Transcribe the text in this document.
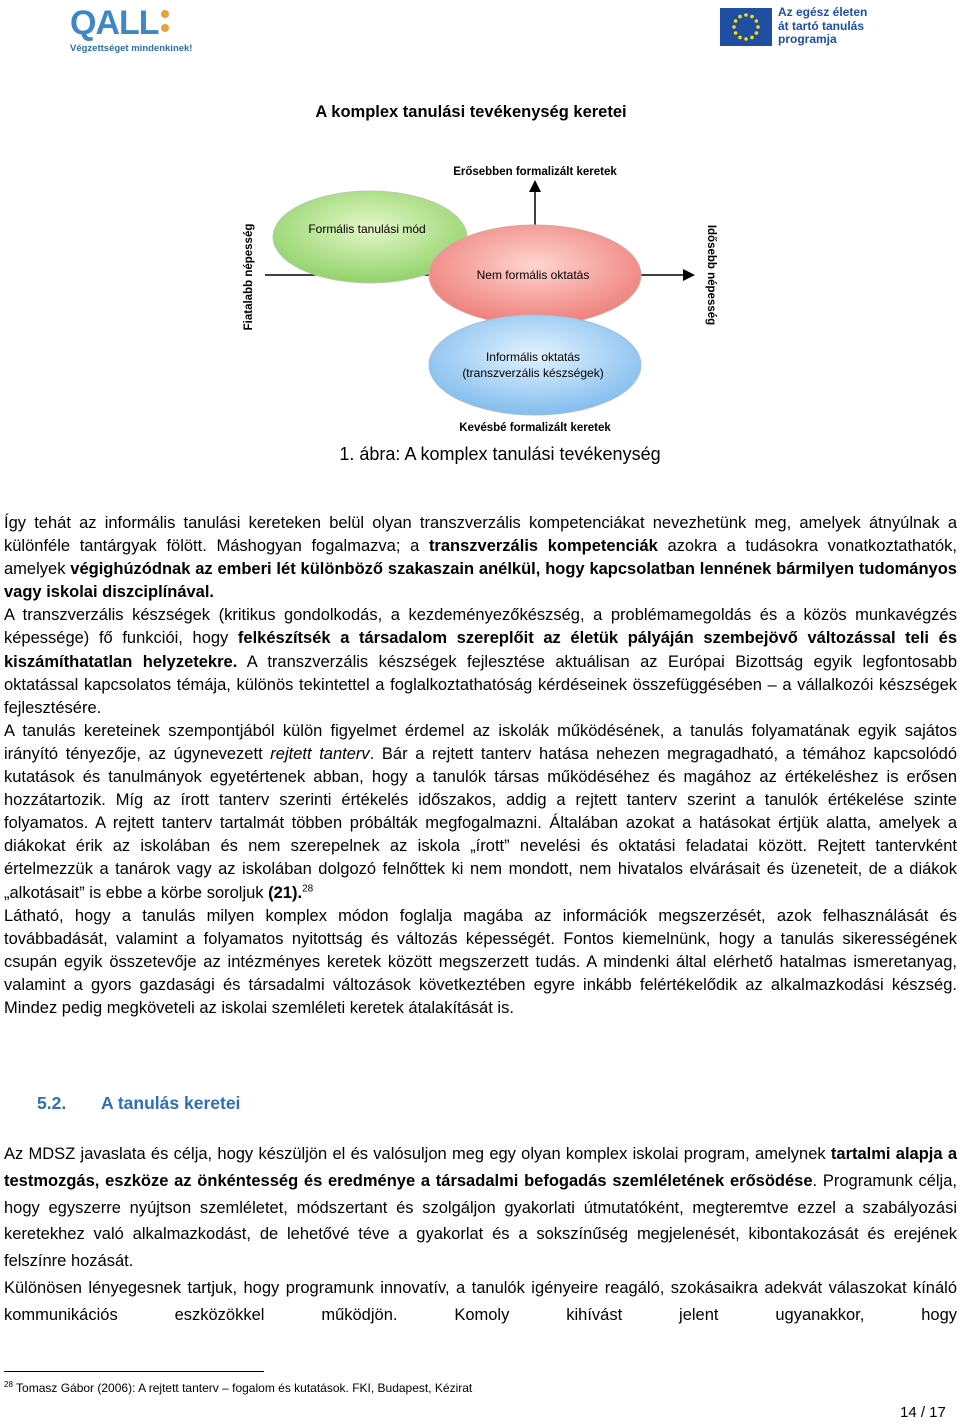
QALL
Végzettséget mindenkinek!
Az egész életen
át tartó tanulás
programja
A komplex tanulási tevékenység keretei
Erősebben formalizált keretek
Kevésbé formalizált keretek
Fiatalabb népesség	Idősebb népesség
Formális tanulási mód
Nem formális oktatás
Informális oktatás
(transzverzális készségek)
1. ábra: A komplex tanulási tevékenység

Így tehát az informális tanulási kereteken belül olyan transzverzális kompetenciákat nevezhetünk meg, amelyek átnyúlnak a különféle tantárgyak fölött. Máshogyan fogalmazva; a transzverzális kompetenciák azokra a tudásokra vonatkoztathatók, amelyek végighúzódnak az emberi lét különböző szakaszain anélkül, hogy kapcsolatban lennének bármilyen tudományos vagy iskolai diszciplínával.

A transzverzális készségek (kritikus gondolkodás, a kezdeményezőkészség, a problémamegoldás és a közös munkavégzés képessége) fő funkciói, hogy felkészítsék a társadalom szereplőit az életük pályáján szembejövő változással teli és kiszámíthatatlan helyzetekre. A transzverzális készségek fejlesztése aktuálisan az Európai Bizottság egyik legfontosabb oktatással kapcsolatos témája, különös tekintettel a foglalkoztathatóság kérdéseinek összefüggésében – a vállalkozói készségek fejlesztésére.

A tanulás kereteinek szempontjából külön figyelmet érdemel az iskolák működésének, a tanulás folyamatának egyik sajátos irányító tényezője, az úgynevezett rejtett tanterv. Bár a rejtett tanterv hatása nehezen megragadható, a témához kapcsolódó kutatások és tanulmányok egyetértenek abban, hogy a tanulók társas működéséhez és magához az értékeléshez is erősen hozzátartozik. Míg az írott tanterv szerinti értékelés időszakos, addig a rejtett tanterv szerint a tanulók értékelése szinte folyamatos. A rejtett tanterv tartalmát többen próbálták megfogalmazni. Általában azokat a hatásokat értjük alatta, amelyek a diákokat érik az iskolában és nem szerepelnek az iskola „írott” nevelési és oktatási feladatai között. Rejtett tantervként értelmezzük a tanárok vagy az iskolában dolgozó felnőttek ki nem mondott, nem hivatalos elvárásait és üzeneteit, de a diákok „alkotásait” is ebbe a körbe soroljuk (21).$^{28}$

Látható, hogy a tanulás milyen komplex módon foglalja magába az információk megszerzését, azok felhasználását és továbbadását, valamint a folyamatos nyitottság és változás képességét. Fontos kiemelnünk, hogy a tanulás sikerességének csupán egyik összetevője az intézményes keretek között megszerzett tudás. A mindenki által elérhető hatalmas ismeretanyag, valamint a gyors gazdasági és társadalmi változások következtében egyre inkább felértékelődik az alkalmazkodási készség. Mindez pedig megköveteli az iskolai szemléleti keretek átalakítását is.

5.2. A tanulás keretei

Az MDSZ javaslata és célja, hogy készüljön el és valósuljon meg egy olyan komplex iskolai program, amelynek tartalmi alapja a testmozgás, eszköze az önkéntesség és eredménye a társadalmi befogadás szemléletének erősödése. Programunk célja, hogy egyszerre nyújtson szemléletet, módszertant és szolgáljon gyakorlati útmutatóként, megteremtve ezzel a szabályozási keretekhez való alkalmazkodást, de lehetővé téve a gyakorlat és a sokszínűség megjelenését, kibontakozását és erejének felszínre hozását.

Különösen lényegesnek tartjuk, hogy programunk innovatív, a tanulók igényeire reagáló, szokásaikra adekvát válaszokat kínáló kommunikációs eszközökkel működjön. Komoly kihívást jelent ugyanakkor, hogy

$^{28}$ Tomasz Gábor (2006): A rejtett tanterv – fogalom és kutatások. FKI, Budapest, Kézirat
14 / 17
